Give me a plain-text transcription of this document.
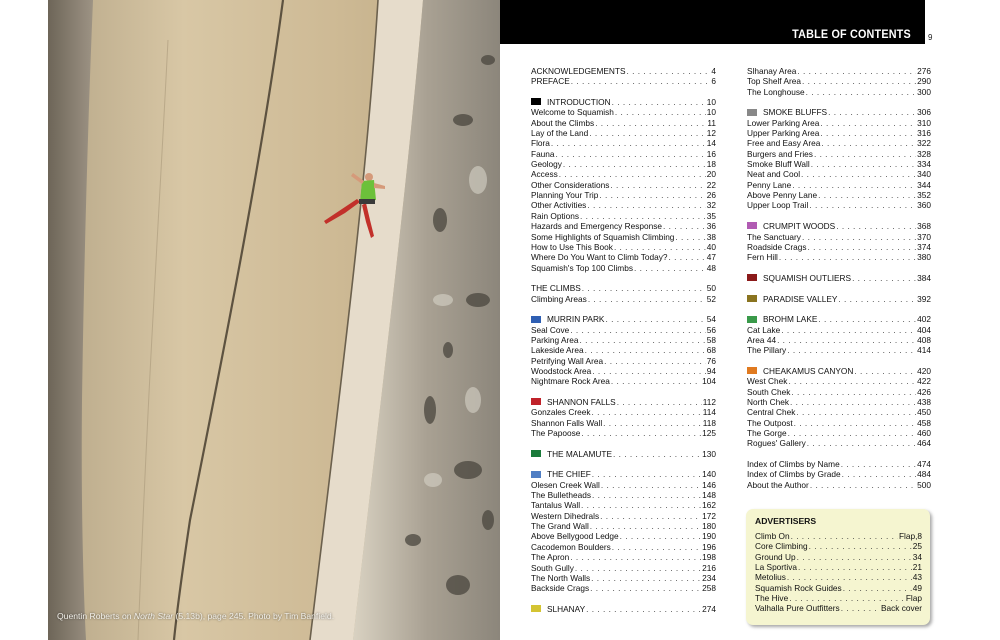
Quentin Roberts on North Star (5.13b), page 245. Photo by Tim Banfield.
TABLE OF CONTENTS 9
ACKNOWLEDGEMENTS . . .	4
PREFACE . . .	6
INTRODUCTION . . .	10
Welcome to Squamish . . .	10
About the Climbs . . .	11
Lay of the Land . . .	12
Flora . . .	14
Fauna . . .	16
Geology . . .	18
Access . . .	20
Other Considerations . . .	22
Planning Your Trip . . .	26
Other Activities . . .	32
Rain Options . . .	35
Hazards and Emergency Response . . .	36
Some Highlights of Squamish Climbing . . .	38
How to Use This Book . . .	40
Where Do You Want to Climb Today? . . .	47
Squamish's Top 100 Climbs . . .	48
THE CLIMBS . . .	50
Climbing Areas . . .	52
MURRIN PARK . . .	54
Seal Cove . . .	56
Parking Area . . .	58
Lakeside Area . . .	68
Petrifying Wall Area . . .	76
Woodstock Area . . .	94
Nightmare Rock Area . . .	104
SHANNON FALLS . . .	112
Gonzales Creek . . .	114
Shannon Falls Wall . . .	118
The Papoose . . .	125
THE MALAMUTE . . .	130
THE CHIEF . . .	140
Olesen Creek Wall . . .	146
The Bulletheads . . .	148
Tantalus Wall . . .	162
Western Dihedrals . . .	172
The Grand Wall . . .	180
Above Bellygood Ledge . . .	190
Cacodemon Boulders . . .	196
The Apron . . .	198
South Gully . . .	216
The North Walls . . .	234
Backside Crags . . .	258
SLHANAY . . .	274
Slhanay Area . . .	276
Top Shelf Area . . .	290
The Longhouse . . .	300
SMOKE BLUFFS . . .	306
Lower Parking Area . . .	310
Upper Parking Area . . .	316
Free and Easy Area . . .	322
Burgers and Fries . . .	328
Smoke Bluff Wall . . .	334
Neat and Cool . . .	340
Penny Lane . . .	344
Above Penny Lane . . .	352
Upper Loop Trail . . .	360
CRUMPIT WOODS . . .	368
The Sanctuary . . .	370
Roadside Crags . . .	374
Fern Hill . . .	380
SQUAMISH OUTLIERS . . .	384
PARADISE VALLEY . . .	392
BROHM LAKE . . .	402
Cat Lake . . .	404
Area 44 . . .	408
The Pillary . . .	414
CHEAKAMUS CANYON . . .	420
West Chek . . .	422
South Chek . . .	426
North Chek . . .	438
Central Chek . . .	450
The Outpost . . .	458
The Gorge . . .	460
Rogues' Gallery . . .	464
Index of Climbs by Name . . .	474
Index of Climbs by Grade . . .	484
About the Author . . .	500
ADVERTISERS
Climb On . . .	Flap,8
Core Climbing . . .	25
Ground Up . . .	34
La Sportiva . . .	21
Metolius . . .	43
Squamish Rock Guides . . .	49
The Hive . . .	Flap
Valhalla Pure Outfitters . . .	Back cover
